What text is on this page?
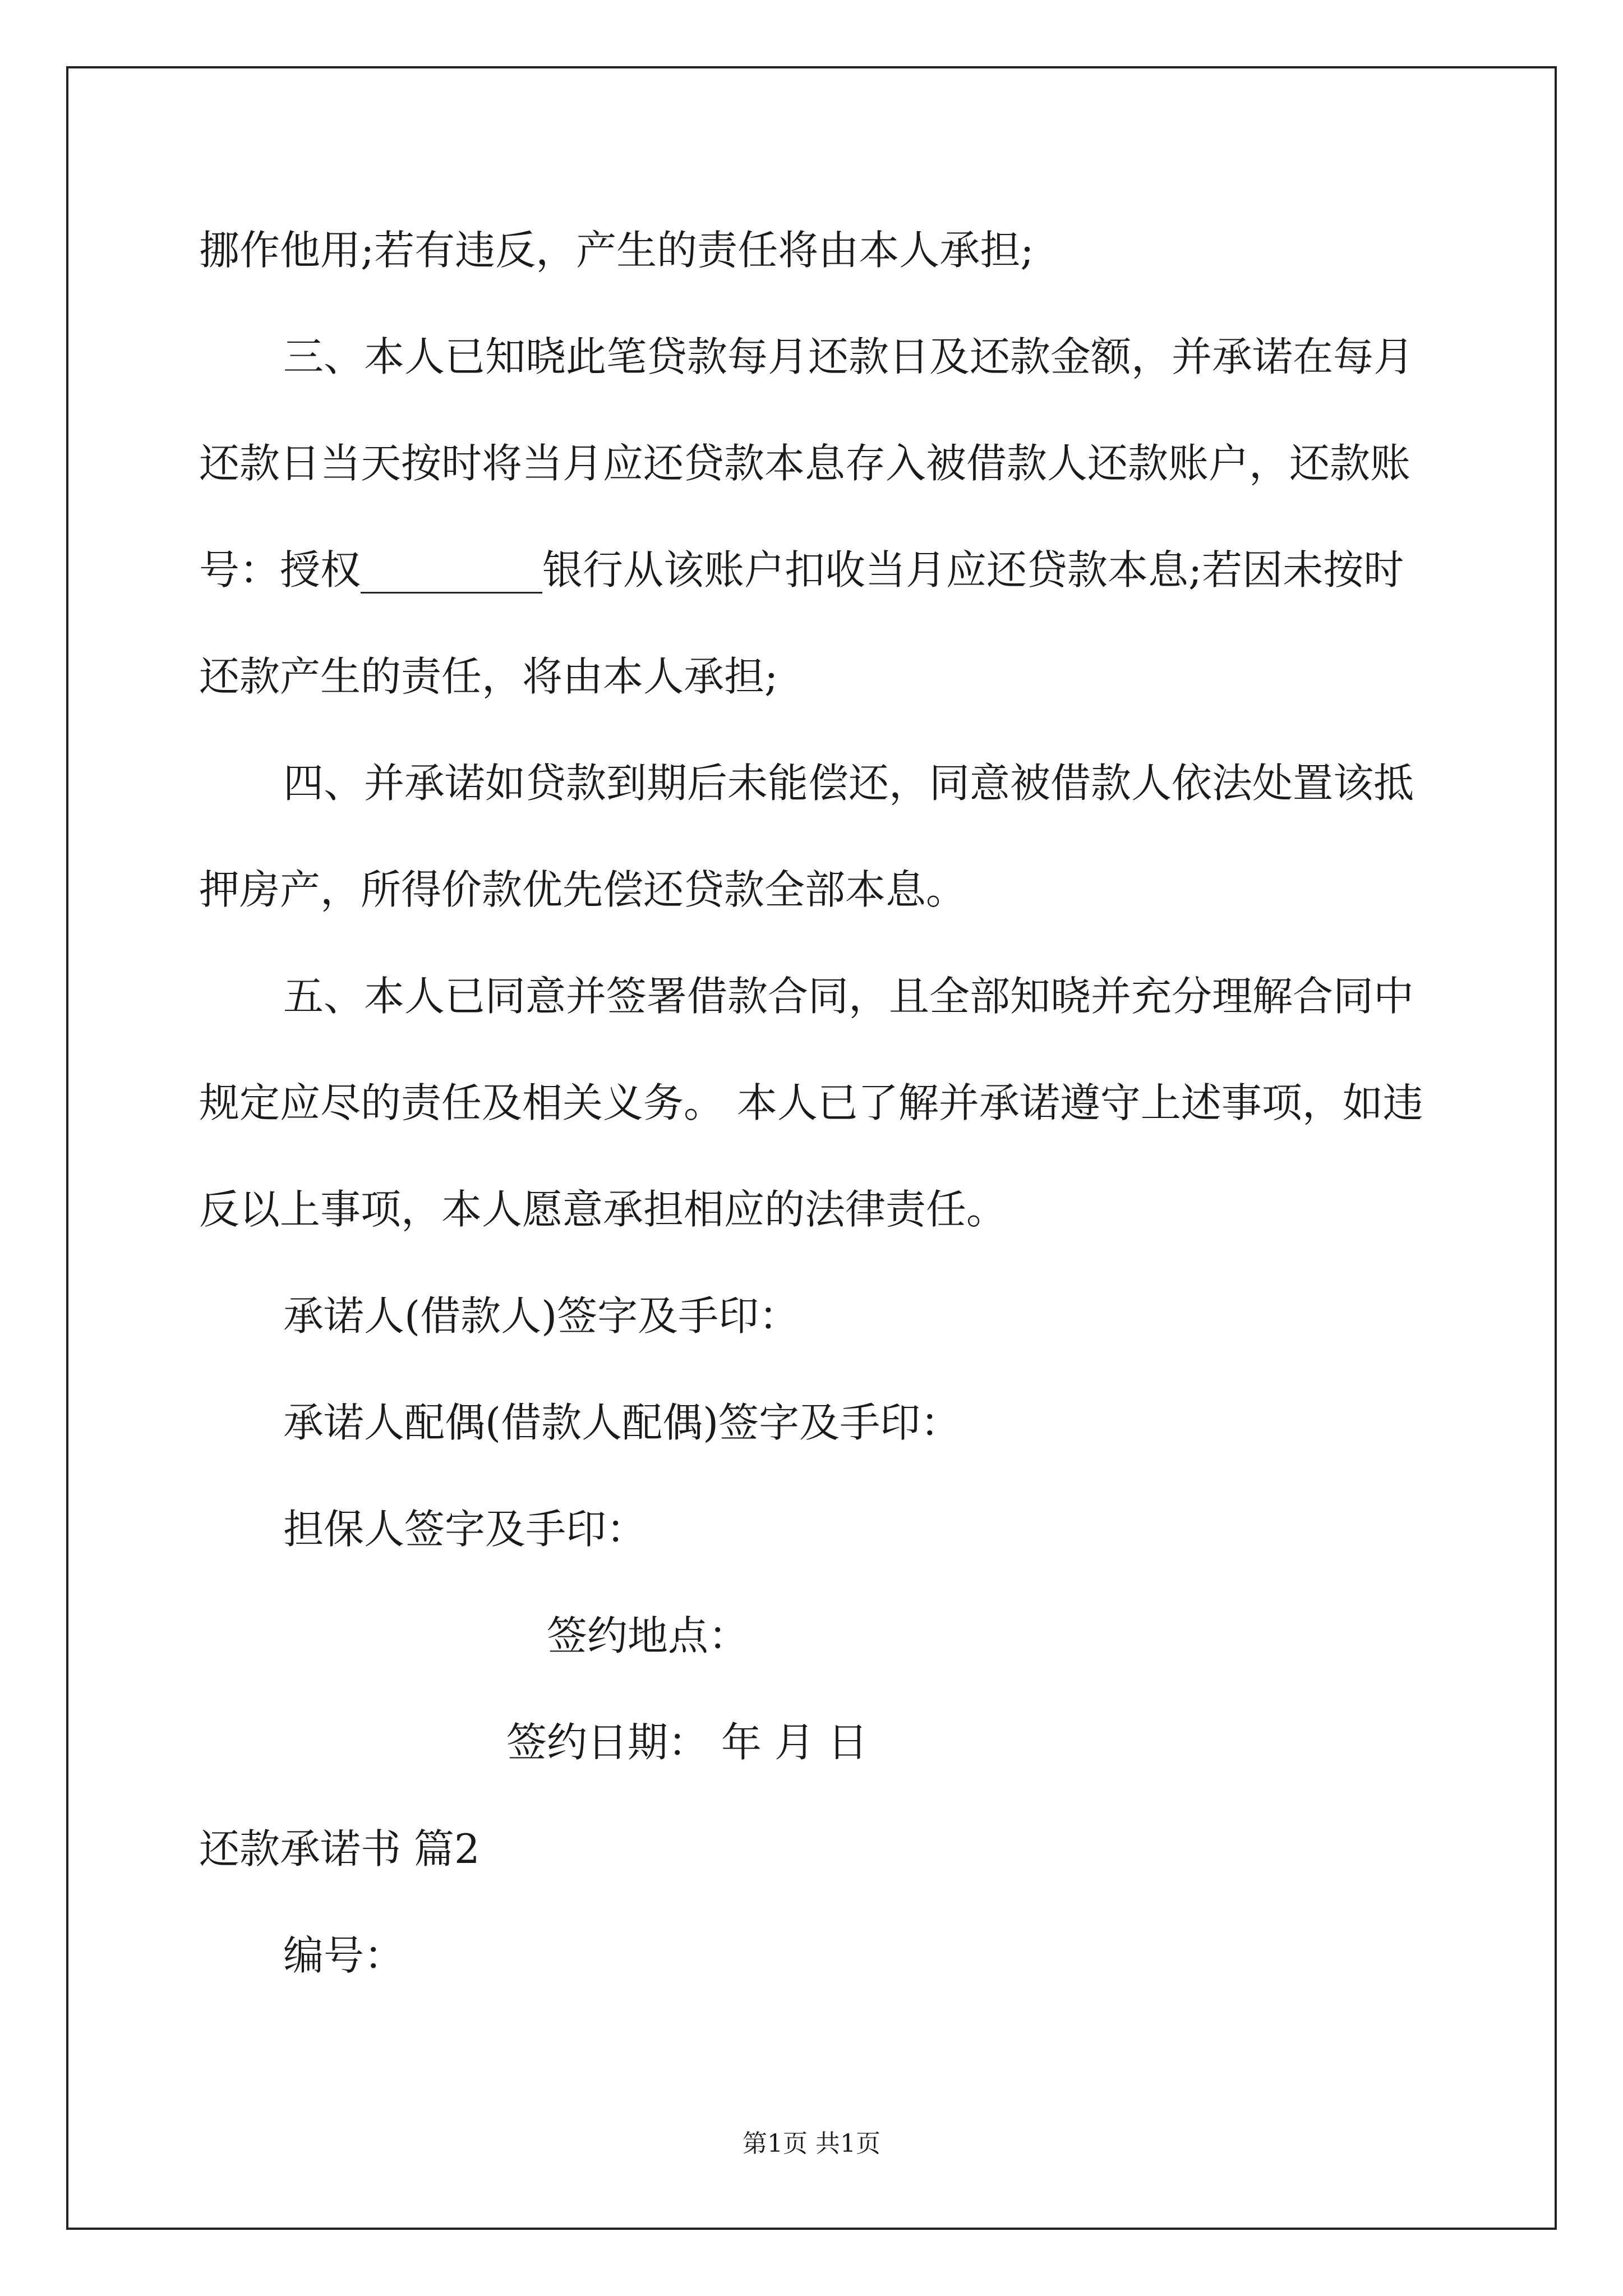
挪作他用;若有违反，产生的责任将由本人承担;
三、本人已知晓此笔贷款每月还款日及还款金额，并承诺在每月
还款日当天按时将当月应还贷款本息存入被借款人还款账户，还款账
号：授权_________银行从该账户扣收当月应还贷款本息;若因未按时
还款产生的责任，将由本人承担;
四、并承诺如贷款到期后未能偿还，同意被借款人依法处置该抵
押房产，所得价款优先偿还贷款全部本息。
五、本人已同意并签署借款合同，且全部知晓并充分理解合同中
规定应尽的责任及相关义务。 本人已了解并承诺遵守上述事项，如违
反以上事项，本人愿意承担相应的法律责任。
承诺人(借款人)签字及手印：
承诺人配偶(借款人配偶)签字及手印：
担保人签字及手印：
签约地点：
签约日期： 年 月 日
还款承诺书 篇2
编号：
第1页 共1页
